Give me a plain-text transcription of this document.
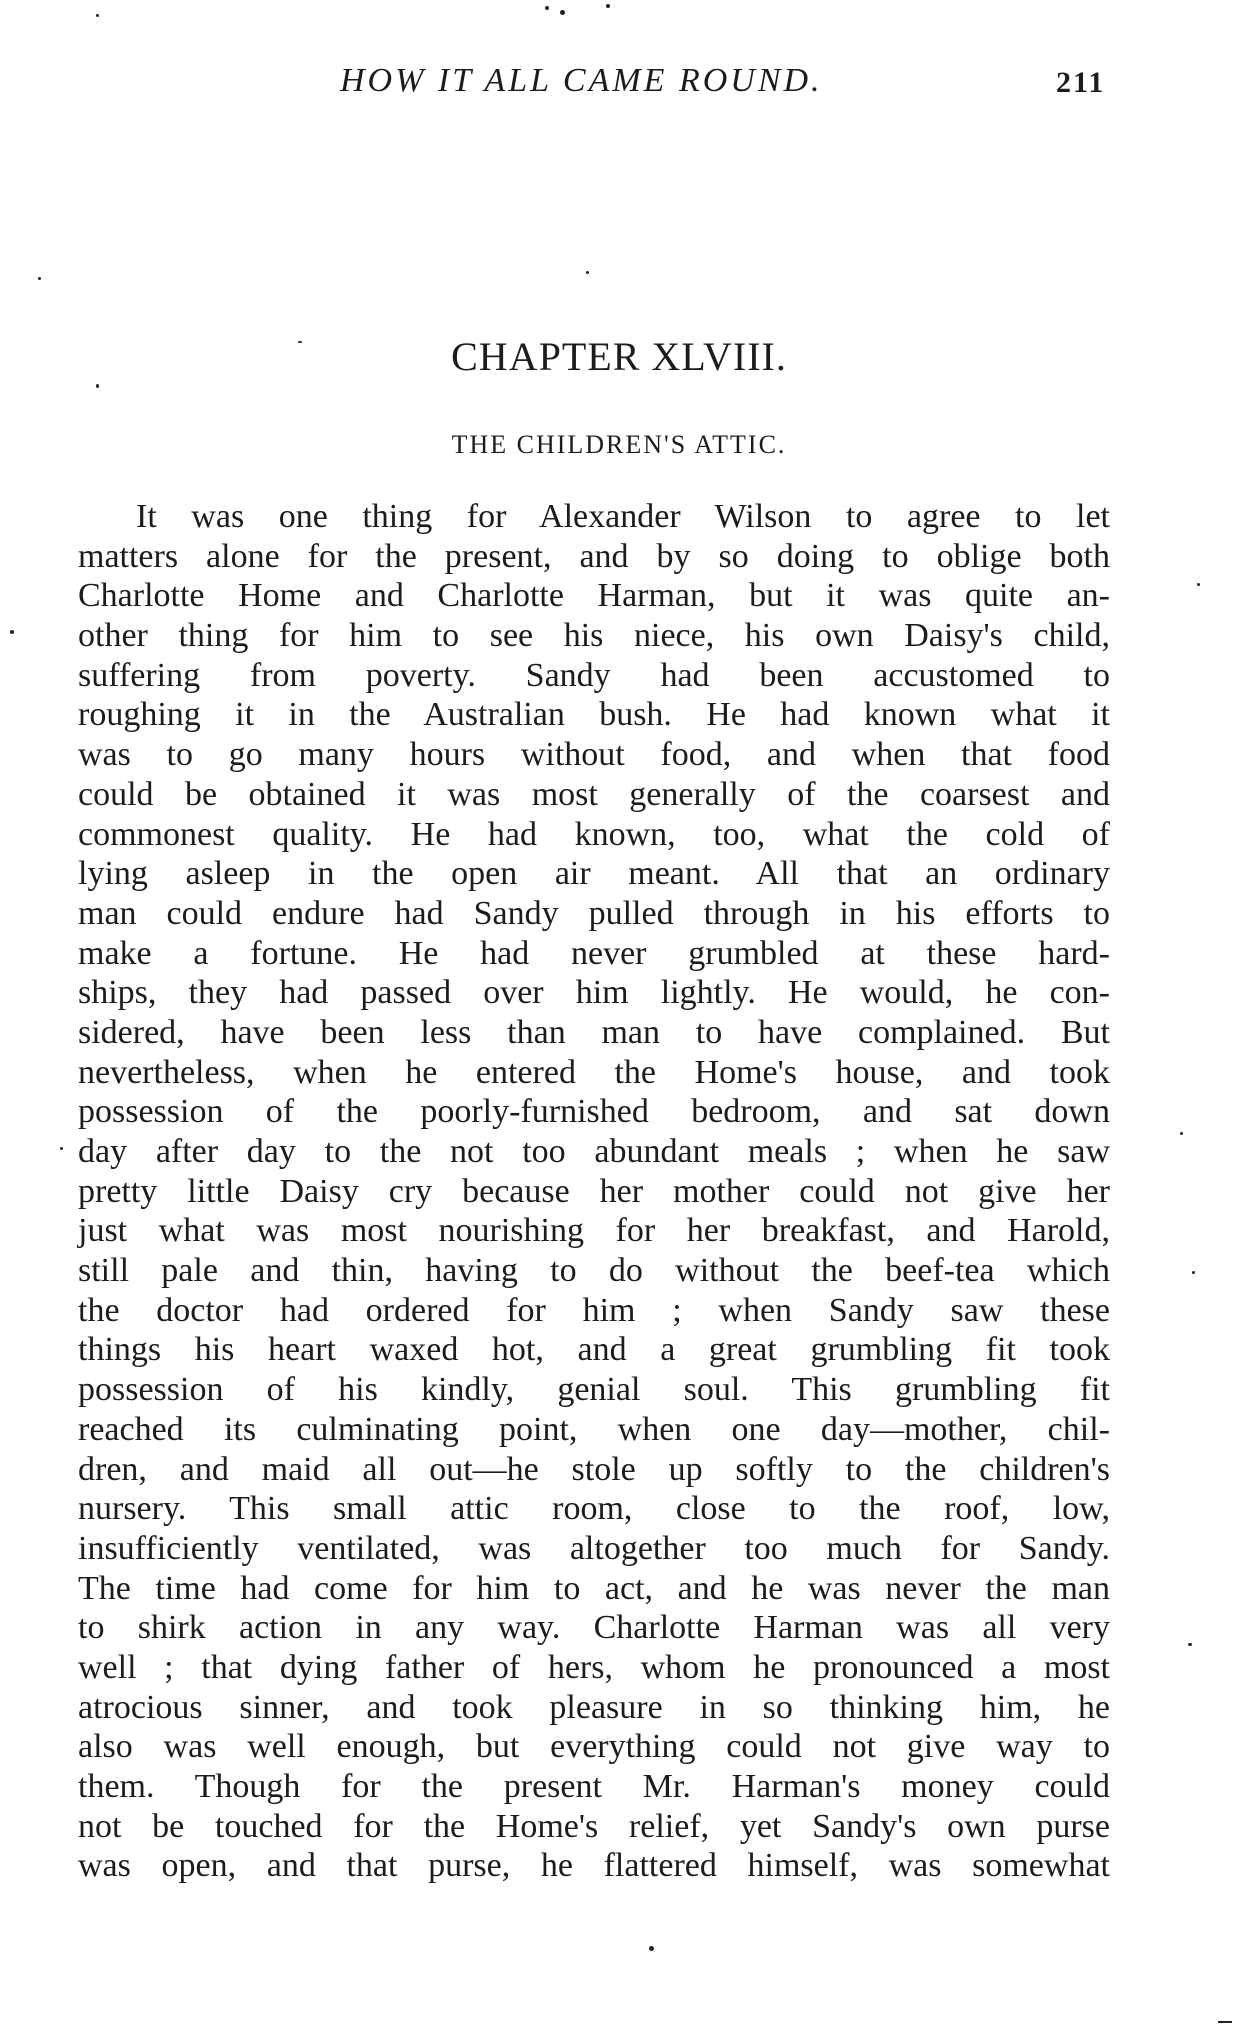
HOW IT ALL CAME ROUND.	211
CHAPTER XLVIII.
THE CHILDREN'S ATTIC.
It was one thing for Alexander Wilson to agree to let
matters alone for the present, and by so doing to oblige both
Charlotte Home and Charlotte Harman, but it was quite an-
other thing for him to see his niece, his own Daisy's child,
suffering from poverty. Sandy had been accustomed to
roughing it in the Australian bush. He had known what it
was to go many hours without food, and when that food
could be obtained it was most generally of the coarsest and
commonest quality. He had known, too, what the cold of
lying asleep in the open air meant. All that an ordinary
man could endure had Sandy pulled through in his efforts to
make a fortune. He had never grumbled at these hard-
ships, they had passed over him lightly. He would, he con-
sidered, have been less than man to have complained. But
nevertheless, when he entered the Home's house, and took
possession of the poorly-furnished bedroom, and sat down
day after day to the not too abundant meals ; when he saw
pretty little Daisy cry because her mother could not give her
just what was most nourishing for her breakfast, and Harold,
still pale and thin, having to do without the beef-tea which
the doctor had ordered for him ; when Sandy saw these
things his heart waxed hot, and a great grumbling fit took
possession of his kindly, genial soul. This grumbling fit
reached its culminating point, when one day—mother, chil-
dren, and maid all out—he stole up softly to the children's
nursery. This small attic room, close to the roof, low,
insufficiently ventilated, was altogether too much for Sandy.
The time had come for him to act, and he was never the man
to shirk action in any way. Charlotte Harman was all very
well ; that dying father of hers, whom he pronounced a most
atrocious sinner, and took pleasure in so thinking him, he
also was well enough, but everything could not give way to
them. Though for the present Mr. Harman's money could
not be touched for the Home's relief, yet Sandy's own purse
was open, and that purse, he flattered himself, was somewhat
